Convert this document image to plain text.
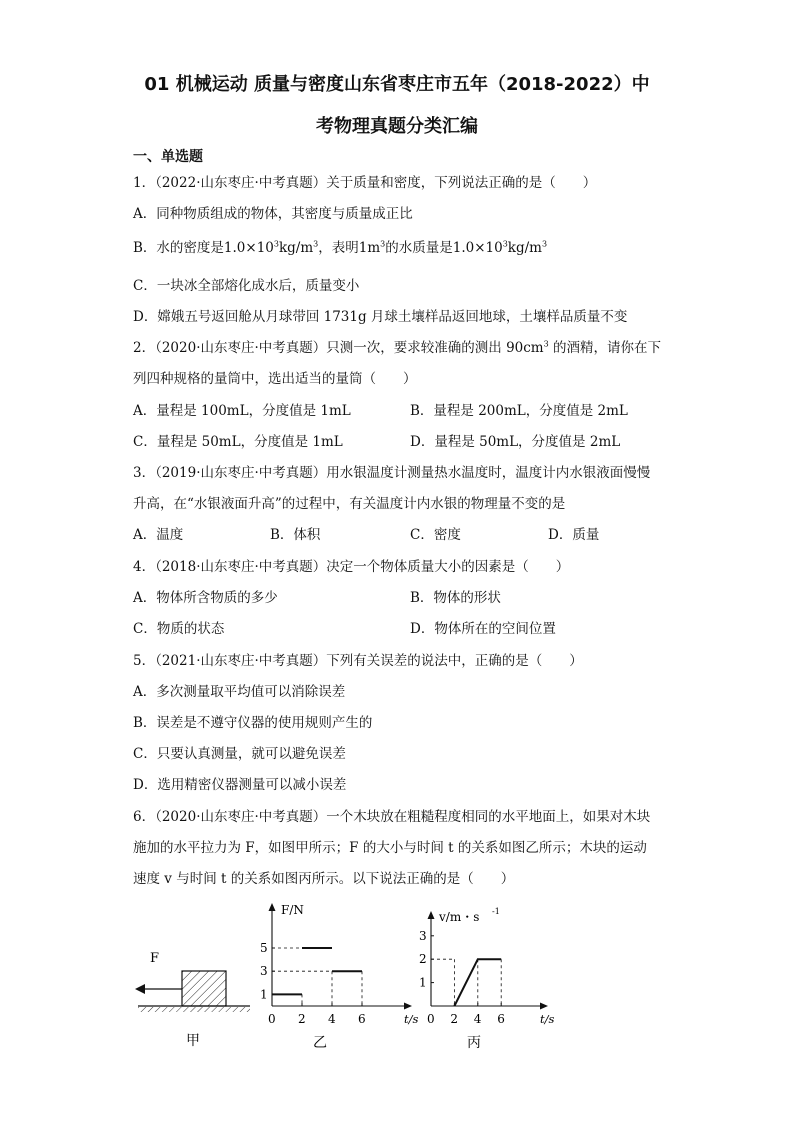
01 机械运动 质量与密度山东省枣庄市五年（2018-2022）中
考物理真题分类汇编
一、单选题
1．（2022·山东枣庄·中考真题）关于质量和密度，下列说法正确的是（　　）
A．同种物质组成的物体，其密度与质量成正比
B．水的密度是$1.0\times 10^3kg/m^3$，表明$1m^3$的水质量是$1.0\times 10^3kg/m^3$
C．一块冰全部熔化成水后，质量变小
D．嫦娥五号返回舱从月球带回 1731g 月球土壤样品返回地球，土壤样品质量不变
2．（2020·山东枣庄·中考真题）只测一次，要求较准确的测出 $90cm^3$ 的酒精，请你在下
列四种规格的量筒中，选出适当的量筒（　　）
A．量程是 100mL，分度值是 1mL	B．量程是 200mL，分度值是 2mL
C．量程是 50mL，分度值是 1mL	D．量程是 50mL，分度值是 2mL
3．（2019·山东枣庄·中考真题）用水银温度计测量热水温度时，温度计内水银液面慢慢
升高，在“水银液面升高”的过程中，有关温度计内水银的物理量不变的是
A．温度	B．体积	C．密度	D．质量
4．（2018·山东枣庄·中考真题）决定一个物体质量大小的因素是（　　）
A．物体所含物质的多少	B．物体的形状
C．物质的状态	D．物体所在的空间位置
5．（2021·山东枣庄·中考真题）下列有关误差的说法中，正确的是（　　）
A．多次测量取平均值可以消除误差
B．误差是不遵守仪器的使用规则产生的
C．只要认真测量，就可以避免误差
D．选用精密仪器测量可以减小误差
6．（2020·山东枣庄·中考真题）一个木块放在粗糙程度相同的水平地面上，如果对木块
施加的水平拉力为 F，如图甲所示；F 的大小与时间 t 的关系如图乙所示；木块的运动
速度 v 与时间 t 的关系如图丙所示。以下说法正确的是（　　）
F
甲
0 2 4 6
1
3
5
t/s
F/N
0 2 4 6
1
2
3
t/s
v/m・s -1
乙	丙
